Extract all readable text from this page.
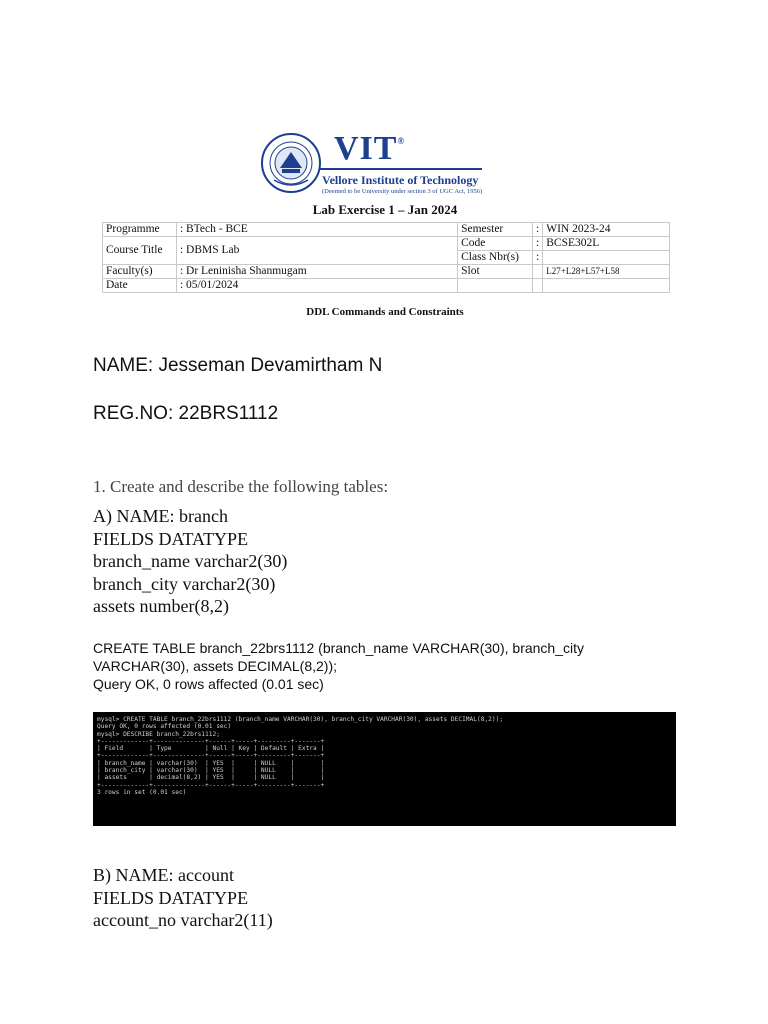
VIT®
Vellore Institute of Technology
(Deemed to be University under section 3 of UGC Act, 1956)
Lab Exercise 1 – Jan 2024
Programme	: BTech - BCE	Semester	:	WIN 2023-24
Course Title	: DBMS Lab	Code	:	BCSE302L
		Class Nbr(s)	:	
Faculty(s)	: Dr Leninisha Shanmugam	Slot		L27+L28+L57+L58
Date	: 05/01/2024			
DDL Commands and Constraints
NAME: Jesseman Devamirtham N
REG.NO: 22BRS1112
1. Create and describe the following tables:
A) NAME: branch
FIELDS DATATYPE
branch_name varchar2(30)
branch_city varchar2(30)
assets number(8,2)
CREATE TABLE branch_22brs1112 (branch_name VARCHAR(30), branch_city
VARCHAR(30), assets DECIMAL(8,2));
Query OK, 0 rows affected (0.01 sec)
mysql> CREATE TABLE branch_22brs1112 (branch_name VARCHAR(30), branch_city VARCHAR(30), assets DECIMAL(8,2));
Query OK, 0 rows affected (0.01 sec)
mysql> DESCRIBE branch_22brs1112;
+-------------+--------------+------+-----+---------+-------+
| Field       | Type         | Null | Key | Default | Extra |
+-------------+--------------+------+-----+---------+-------+
| branch_name | varchar(30)  | YES  |     | NULL    |       |
| branch_city | varchar(30)  | YES  |     | NULL    |       |
| assets      | decimal(8,2) | YES  |     | NULL    |       |
+-------------+--------------+------+-----+---------+-------+
3 rows in set (0.01 sec)
B) NAME: account
FIELDS DATATYPE
account_no varchar2(11)
